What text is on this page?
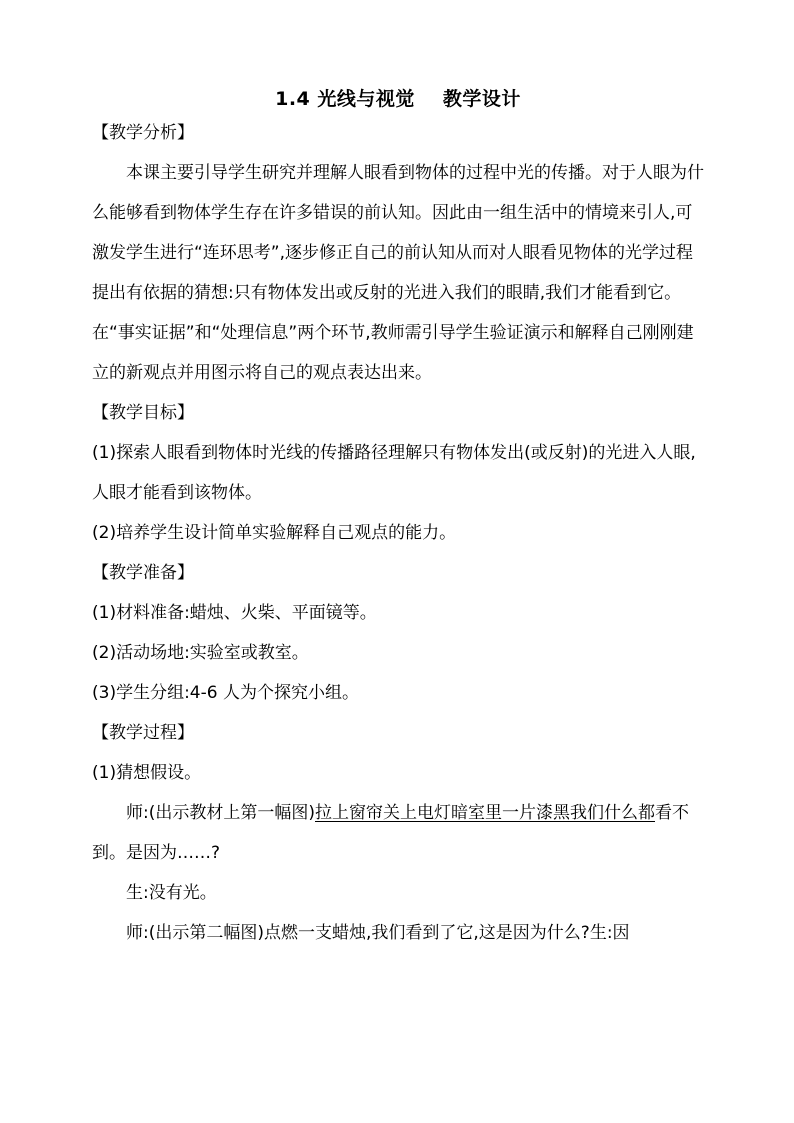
1.4 光线与视觉 教学设计

【教学分析】

本课主要引导学生研究并理解人眼看到物体的过程中光的传播。对于人眼为什么能够看到物体学生存在许多错误的前认知。因此由一组生活中的情境来引人,可激发学生进行“连环思考”,逐步修正自己的前认知从而对人眼看见物体的光学过程提出有依据的猜想:只有物体发出或反射的光进入我们的眼睛,我们才能看到它。在“事实证据”和“处理信息”两个环节,教师需引导学生验证演示和解释自己刚刚建立的新观点并用图示将自己的观点表达出来。

【教学目标】

(1)探索人眼看到物体时光线的传播路径理解只有物体发出(或反射)的光进入人眼,人眼才能看到该物体。

(2)培养学生设计简单实验解释自己观点的能力。

【教学准备】

(1)材料准备:蜡烛、火柴、平面镜等。

(2)活动场地:实验室或教室。

(3)学生分组:4-6 人为个探究小组。

【教学过程】

(1)猜想假设。

师:(出示教材上第一幅图)拉上窗帘关上电灯暗室里一片漆黑我们什么都看不到。是因为……?

生:没有光。

师:(出示第二幅图)点燃一支蜡烛,我们看到了它,这是因为什么?生:因
